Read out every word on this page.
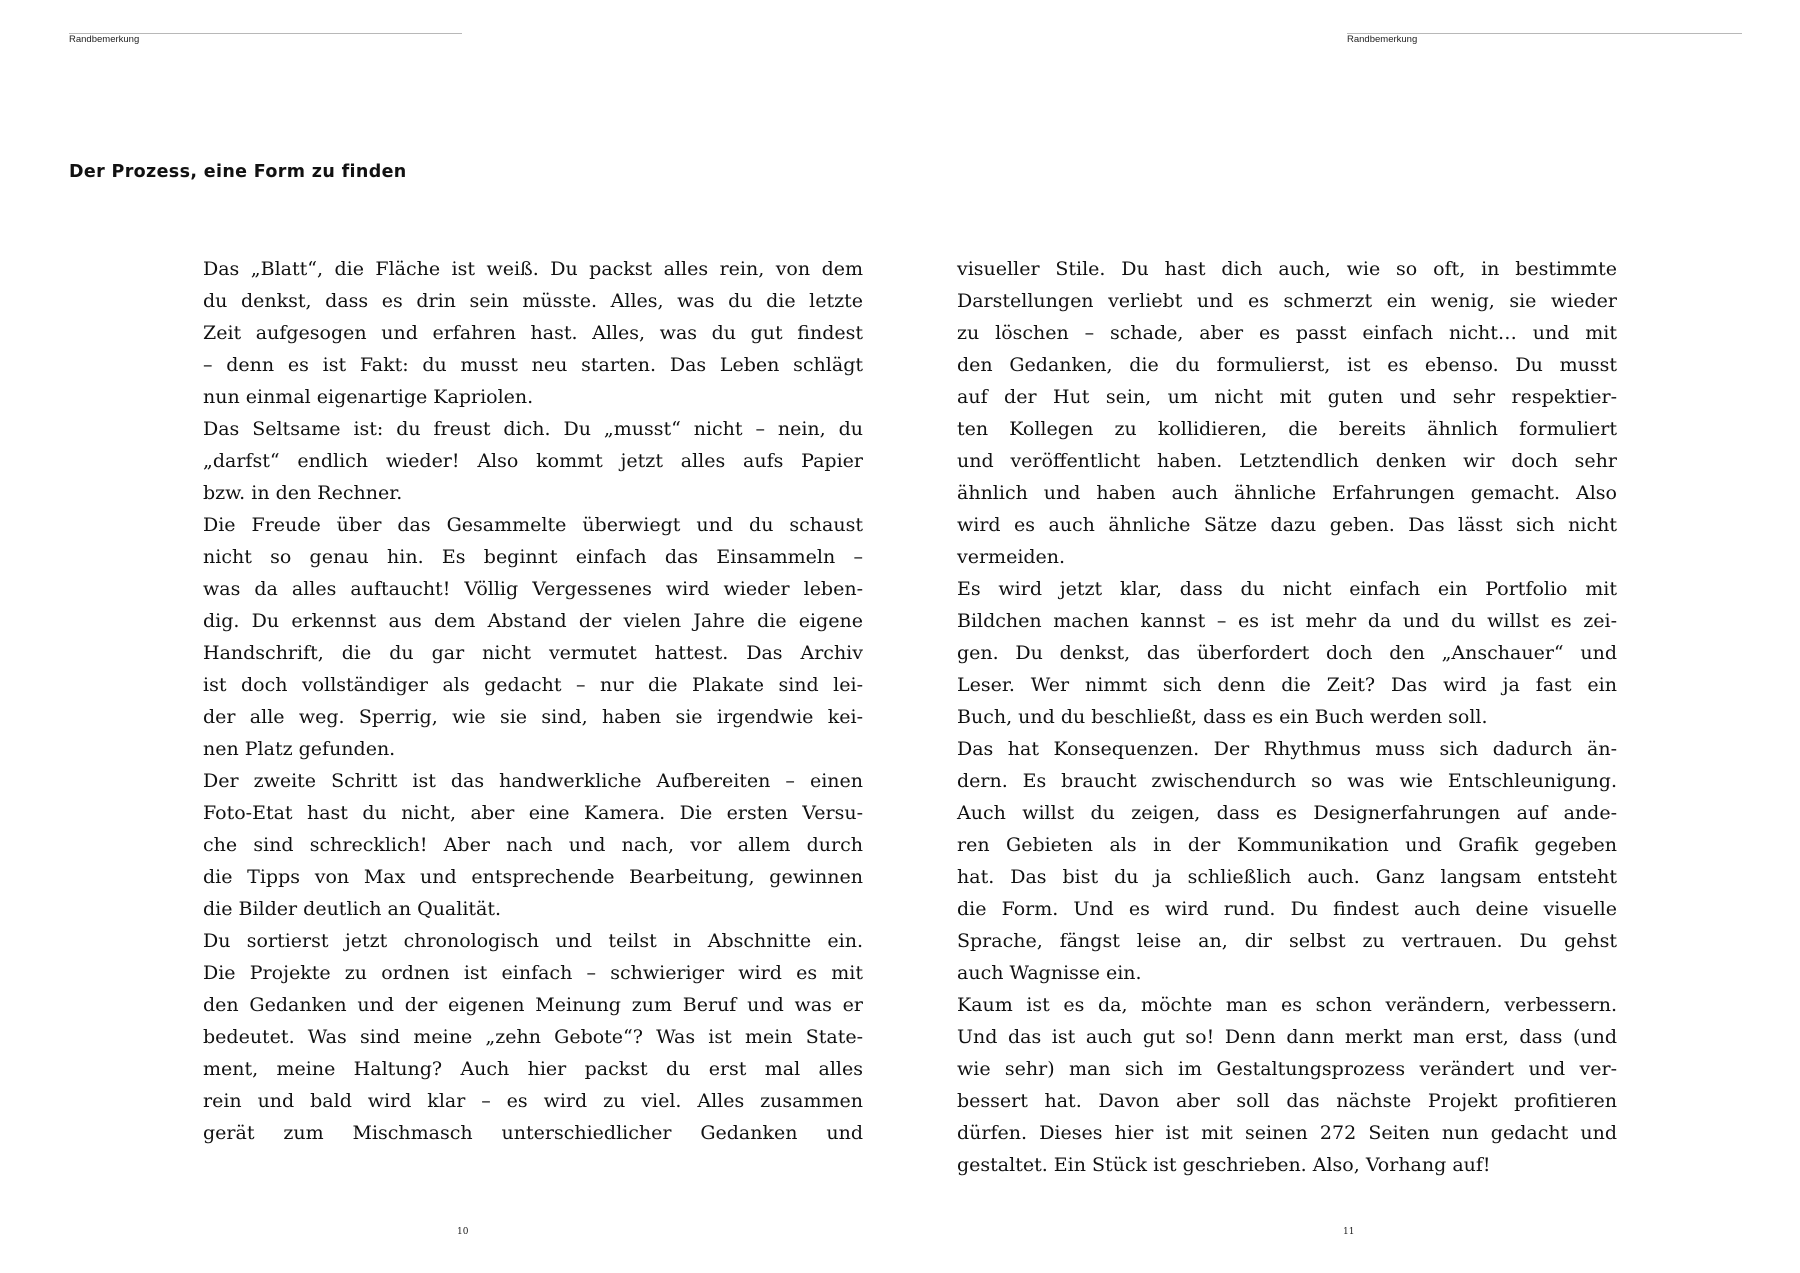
Randbemerkung
Der Prozess, eine Form zu finden
Das „Blatt“, die Fläche ist weiß. Du packst alles rein, von dem
du denkst, dass es drin sein müsste. Alles, was du die letzte
Zeit aufgesogen und erfahren hast. Alles, was du gut findest
– denn es ist Fakt: du musst neu starten. Das Leben schlägt
nun einmal eigenartige Kapriolen.
Das Seltsame ist: du freust dich. Du „musst“ nicht – nein, du
„darfst“ endlich wieder! Also kommt jetzt alles aufs Papier
bzw. in den Rechner.
Die Freude über das Gesammelte überwiegt und du schaust
nicht so genau hin. Es beginnt einfach das Einsammeln –
was da alles auftaucht! Völlig Vergessenes wird wieder leben-
dig. Du erkennst aus dem Abstand der vielen Jahre die eigene
Handschrift, die du gar nicht vermutet hattest. Das Archiv
ist doch vollständiger als gedacht – nur die Plakate sind lei-
der alle weg. Sperrig, wie sie sind, haben sie irgendwie kei-
nen Platz gefunden.
Der zweite Schritt ist das handwerkliche Aufbereiten – einen
Foto-Etat hast du nicht, aber eine Kamera. Die ersten Versu-
che sind schrecklich! Aber nach und nach, vor allem durch
die Tipps von Max und entsprechende Bearbeitung, gewinnen
die Bilder deutlich an Qualität.
Du sortierst jetzt chronologisch und teilst in Abschnitte ein.
Die Projekte zu ordnen ist einfach – schwieriger wird es mit
den Gedanken und der eigenen Meinung zum Beruf und was er
bedeutet. Was sind meine „zehn Gebote“? Was ist mein State-
ment, meine Haltung? Auch hier packst du erst mal alles
rein und bald wird klar – es wird zu viel. Alles zusammen
gerät zum Mischmasch unterschiedlicher Gedanken und
10
Randbemerkung
visueller Stile. Du hast dich auch, wie so oft, in bestimmte
Darstellungen verliebt und es schmerzt ein wenig, sie wieder
zu löschen – schade, aber es passt einfach nicht… und mit
den Gedanken, die du formulierst, ist es ebenso. Du musst
auf der Hut sein, um nicht mit guten und sehr respektier-
ten Kollegen zu kollidieren, die bereits ähnlich formuliert
und veröffentlicht haben. Letztendlich denken wir doch sehr
ähnlich und haben auch ähnliche Erfahrungen gemacht. Also
wird es auch ähnliche Sätze dazu geben. Das lässt sich nicht
vermeiden.
Es wird jetzt klar, dass du nicht einfach ein Portfolio mit
Bildchen machen kannst – es ist mehr da und du willst es zei-
gen. Du denkst, das überfordert doch den „Anschauer“ und
Leser. Wer nimmt sich denn die Zeit? Das wird ja fast ein
Buch, und du beschließt, dass es ein Buch werden soll.
Das hat Konsequenzen. Der Rhythmus muss sich dadurch än-
dern. Es braucht zwischendurch so was wie Entschleunigung.
Auch willst du zeigen, dass es Designerfahrungen auf ande-
ren Gebieten als in der Kommunikation und Grafik gegeben
hat. Das bist du ja schließlich auch. Ganz langsam entsteht
die Form. Und es wird rund. Du findest auch deine visuelle
Sprache, fängst leise an, dir selbst zu vertrauen. Du gehst
auch Wagnisse ein.
Kaum ist es da, möchte man es schon verändern, verbessern.
Und das ist auch gut so! Denn dann merkt man erst, dass (und
wie sehr) man sich im Gestaltungsprozess verändert und ver-
bessert hat. Davon aber soll das nächste Projekt profitieren
dürfen. Dieses hier ist mit seinen 272 Seiten nun gedacht und
gestaltet. Ein Stück ist geschrieben. Also, Vorhang auf!
11
